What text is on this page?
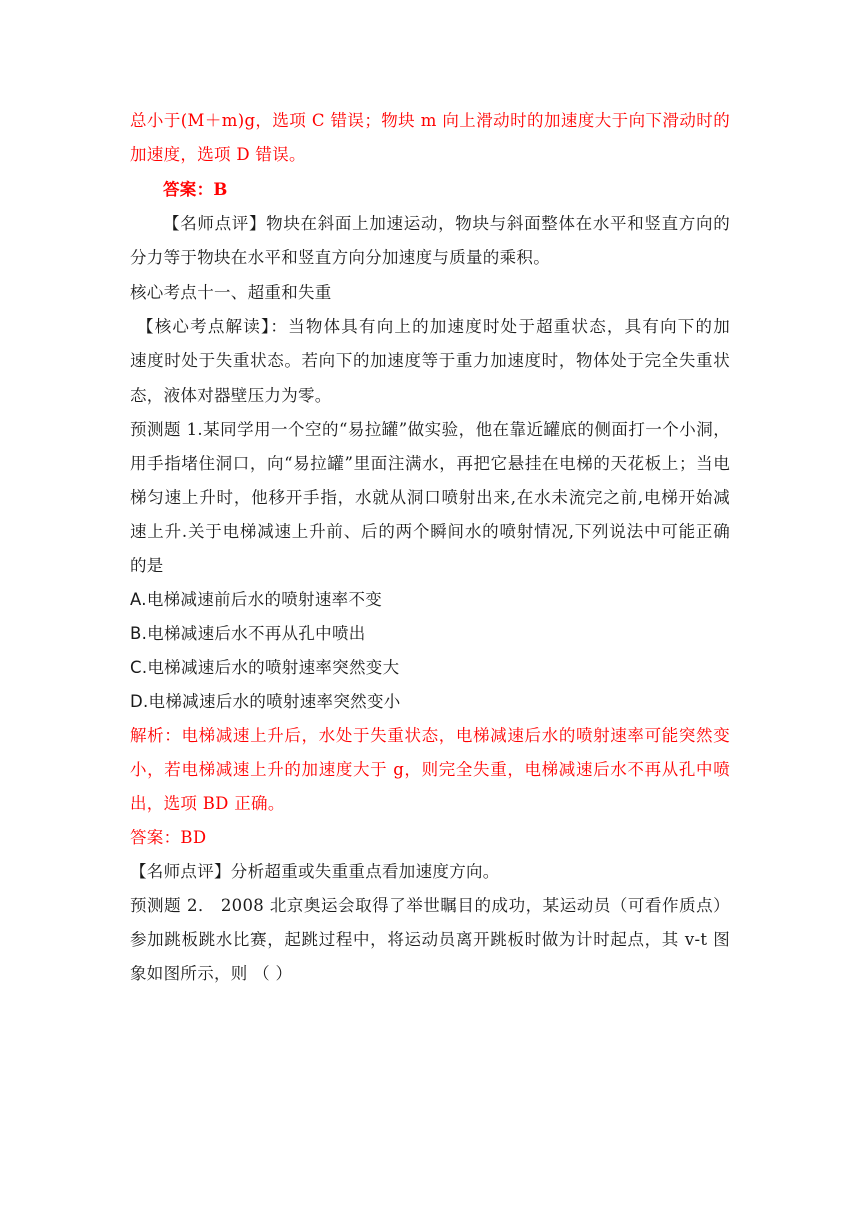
总小于(M＋m)g，选项 C 错误；物块 m 向上滑动时的加速度大于向下滑动时的
加速度，选项 D 错误。
答案：B
【名师点评】物块在斜面上加速运动，物块与斜面整体在水平和竖直方向的
分力等于物块在水平和竖直方向分加速度与质量的乘积。
核心考点十一、超重和失重
【核心考点解读】：当物体具有向上的加速度时处于超重状态，具有向下的加
速度时处于失重状态。若向下的加速度等于重力加速度时，物体处于完全失重状
态，液体对器壁压力为零。
预测题 1.某同学用一个空的“易拉罐”做实验，他在靠近罐底的侧面打一个小洞，
用手指堵住洞口，向“易拉罐”里面注满水，再把它悬挂在电梯的天花板上；当电
梯匀速上升时，他移开手指，水就从洞口喷射出来,在水未流完之前,电梯开始减
速上升.关于电梯减速上升前、后的两个瞬间水的喷射情况,下列说法中可能正确
的是
A.电梯减速前后水的喷射速率不变
B.电梯减速后水不再从孔中喷出
C.电梯减速后水的喷射速率突然变大
D.电梯减速后水的喷射速率突然变小
解析：电梯减速上升后，水处于失重状态，电梯减速后水的喷射速率可能突然变
小，若电梯减速上升的加速度大于 g，则完全失重，电梯减速后水不再从孔中喷
出，选项 BD 正确。
答案：BD
【名师点评】分析超重或失重重点看加速度方向。
预测题 2． 2008 北京奥运会取得了举世瞩目的成功，某运动员（可看作质点）
参加跳板跳水比赛，起跳过程中，将运动员离开跳板时做为计时起点，其 v-t 图
象如图所示，则 （ ）
